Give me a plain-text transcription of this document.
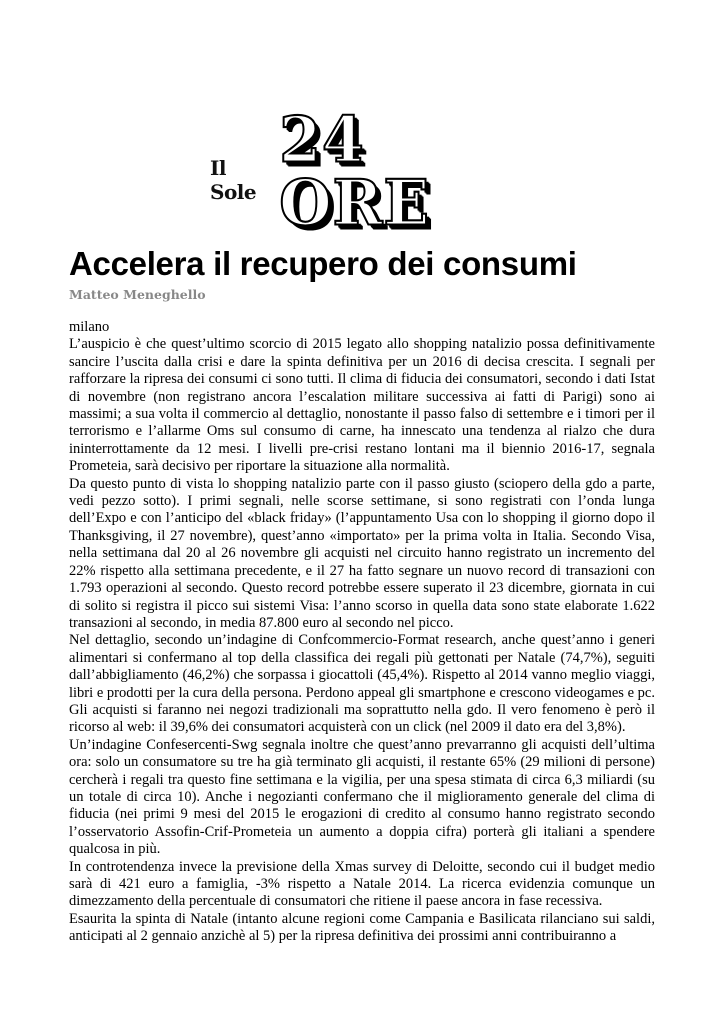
Il Sole
24 ORE
Accelera il recupero dei consumi
Matteo Meneghello

milano

L’auspicio è che quest’ultimo scorcio di 2015 legato allo shopping natalizio possa definitivamente sancire l’uscita dalla crisi e dare la spinta definitiva per un 2016 di decisa crescita. I segnali per rafforzare la ripresa dei consumi ci sono tutti. Il clima di fiducia dei consumatori, secondo i dati Istat di novembre (non registrano ancora l’escalation militare successiva ai fatti di Parigi) sono ai massimi; a sua volta il commercio al dettaglio, nonostante il passo falso di settembre e i timori per il terrorismo e l’allarme Oms sul consumo di carne, ha innescato una tendenza al rialzo che dura ininterrottamente da 12 mesi. I livelli pre-crisi restano lontani ma il biennio 2016-17, segnala Prometeia, sarà decisivo per riportare la situazione alla normalità.

Da questo punto di vista lo shopping natalizio parte con il passo giusto (sciopero della gdo a parte, vedi pezzo sotto). I primi segnali, nelle scorse settimane, si sono registrati con l’onda lunga dell’Expo e con l’anticipo del «black friday» (l’appuntamento Usa con lo shopping il giorno dopo il Thanksgiving, il 27 novembre), quest’anno «importato» per la prima volta in Italia. Secondo Visa, nella settimana dal 20 al 26 novembre gli acquisti nel circuito hanno registrato un incremento del 22% rispetto alla settimana precedente, e il 27 ha fatto segnare un nuovo record di transazioni con 1.793 operazioni al secondo. Questo record potrebbe essere superato il 23 dicembre, giornata in cui di solito si registra il picco sui sistemi Visa: l’anno scorso in quella data sono state elaborate 1.622 transazioni al secondo, in media 87.800 euro al secondo nel picco.

Nel dettaglio, secondo un’indagine di Confcommercio-Format research, anche quest’anno i generi alimentari si confermano al top della classifica dei regali più gettonati per Natale (74,7%), seguiti dall’abbigliamento (46,2%) che sorpassa i giocattoli (45,4%). Rispetto al 2014 vanno meglio viaggi, libri e prodotti per la cura della persona. Perdono appeal gli smartphone e crescono videogames e pc. Gli acquisti si faranno nei negozi tradizionali ma soprattutto nella gdo. Il vero fenomeno è però il ricorso al web: il 39,6% dei consumatori acquisterà con un click (nel 2009 il dato era del 3,8%).

Un’indagine Confesercenti-Swg segnala inoltre che quest’anno prevarranno gli acquisti dell’ultima ora: solo un consumatore su tre ha già terminato gli acquisti, il restante 65% (29 milioni di persone) cercherà i regali tra questo fine settimana e la vigilia, per una spesa stimata di circa 6,3 miliardi (su un totale di circa 10). Anche i negozianti confermano che il miglioramento generale del clima di fiducia (nei primi 9 mesi del 2015 le erogazioni di credito al consumo hanno registrato secondo l’osservatorio Assofin-Crif-Prometeia un aumento a doppia cifra) porterà gli italiani a spendere qualcosa in più.

In controtendenza invece la previsione della Xmas survey di Deloitte, secondo cui il budget medio sarà di 421 euro a famiglia, -3% rispetto a Natale 2014. La ricerca evidenzia comunque un dimezzamento della percentuale di consumatori che ritiene il paese ancora in fase recessiva.

Esaurita la spinta di Natale (intanto alcune regioni come Campania e Basilicata rilanciano sui saldi, anticipati al 2 gennaio anzichè al 5) per la ripresa definitiva dei prossimi anni contribuiranno a
